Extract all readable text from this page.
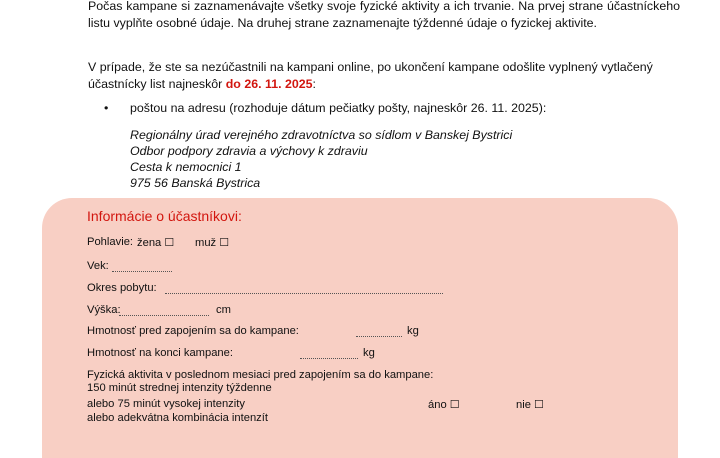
Počas kampane si zaznamenávajte všetky svoje fyzické aktivity a ich trvanie. Na prvej strane účastníckeho listu vyplňte osobné údaje. Na druhej strane zaznamenajte týždenné údaje o fyzickej aktivite.

V prípade, že ste sa nezúčastnili na kampani online, po ukončení kampane odošlite vyplnený vytlačený účastnícky list najneskôr do 26. 11. 2025:

• poštou na adresu (rozhoduje dátum pečiatky pošty, najneskôr 26. 11. 2025):
Regionálny úrad verejného zdravotníctva so sídlom v Banskej Bystrici
Odbor podpory zdravia a výchovy k zdraviu
Cesta k nemocnici 1
975 56 Banská Bystrica
Informácie o účastníkovi:
Pohlavie: žena ☐ muž ☐
Vek:
Okres pobytu:
Výška:	cm
Hmotnosť pred zapojením sa do kampane:	kg
Hmotnosť na konci kampane:	kg
Fyzická aktivita v poslednom mesiaci pred zapojením sa do kampane:
150 minút strednej intenzity týždenne
alebo 75 minút vysokej intenzity
alebo adekvátna kombinácia intenzít
áno ☐	nie ☐
